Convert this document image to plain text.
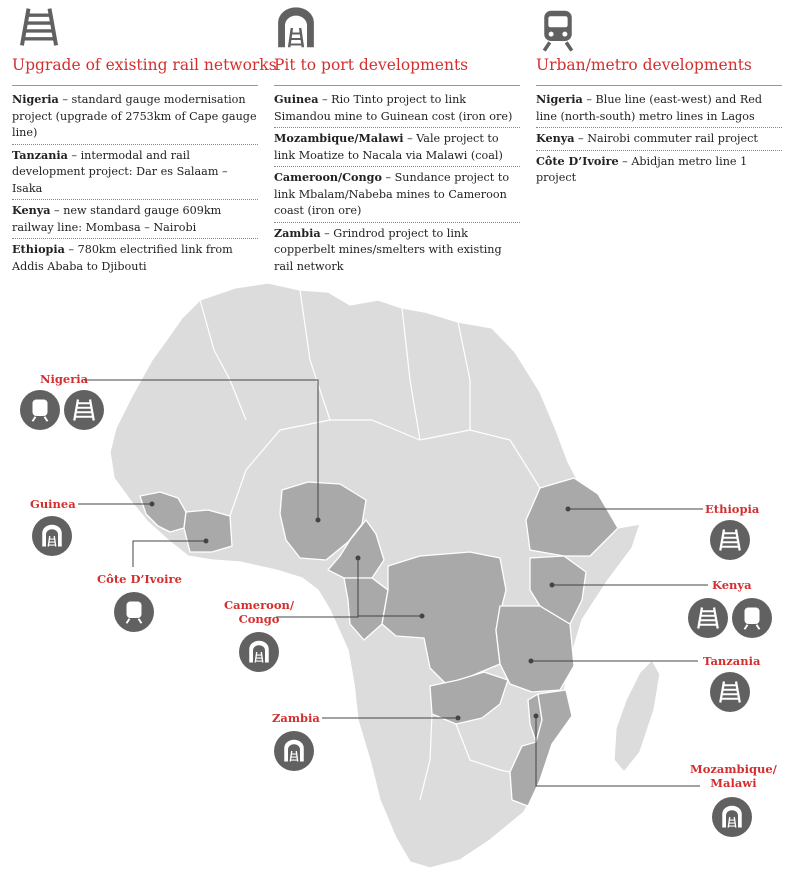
Upgrade of existing rail networks
Nigeria – standard gauge modernisation project (upgrade of 2753km of Cape gauge line)
Tanzania – intermodal and rail development project: Dar es Salaam – Isaka
Kenya – new standard gauge 609km railway line: Mombasa – Nairobi
Ethiopia – 780km electrified link from Addis Ababa to Djibouti
Pit to port developments
Guinea – Rio Tinto project to link Simandou mine to Guinean cost (iron ore)
Mozambique/Malawi – Vale project to link Moatize to Nacala via Malawi (coal)
Cameroon/Congo – Sundance project to link Mbalam/Nabeba mines to Cameroon coast (iron ore)
Zambia – Grindrod project to link copperbelt mines/smelters with existing rail network
Urban/metro developments
Nigeria – Blue line (east-west) and Red line (north-south) metro lines in Lagos
Kenya – Nairobi commuter rail project
Côte D’Ivoire – Abidjan metro line 1 project
Nigeria
Guinea
Côte D’Ivoire
Cameroon/
Congo
Zambia
Ethiopia
Kenya
Tanzania
Mozambique/
Malawi
